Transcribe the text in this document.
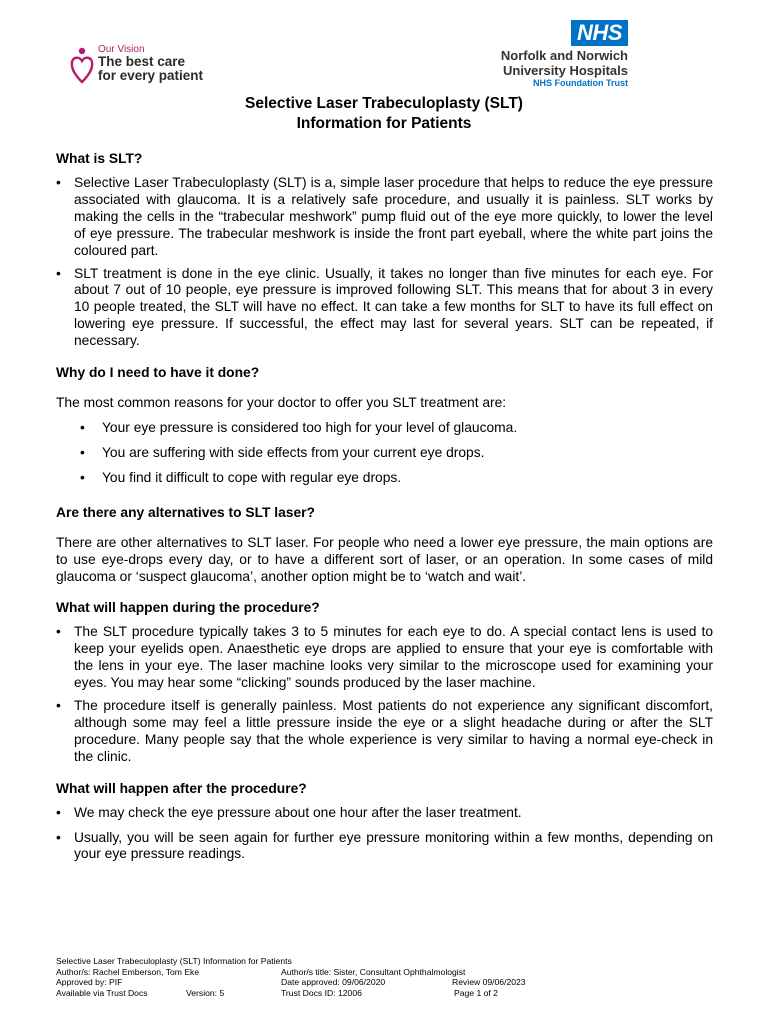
Our Vision
The best care
for every patient
NHS
Norfolk and Norwich
University Hospitals
NHS Foundation Trust
Selective Laser Trabeculoplasty (SLT)
Information for Patients
What is SLT?
• Selective Laser Trabeculoplasty (SLT) is a, simple laser procedure that helps to reduce the eye pressure associated with glaucoma. It is a relatively safe procedure, and usually it is painless. SLT works by making the cells in the “trabecular meshwork” pump fluid out of the eye more quickly, to lower the level of eye pressure. The trabecular meshwork is inside the front part eyeball, where the white part joins the coloured part.
• SLT treatment is done in the eye clinic. Usually, it takes no longer than five minutes for each eye. For about 7 out of 10 people, eye pressure is improved following SLT. This means that for about 3 in every 10 people treated, the SLT will have no effect. It can take a few months for SLT to have its full effect on lowering eye pressure. If successful, the effect may last for several years. SLT can be repeated, if necessary.
Why do I need to have it done?

The most common reasons for your doctor to offer you SLT treatment are:

• Your eye pressure is considered too high for your level of glaucoma.
• You are suffering with side effects from your current eye drops.
• You find it difficult to cope with regular eye drops.
Are there any alternatives to SLT laser?

There are other alternatives to SLT laser. For people who need a lower eye pressure, the main options are to use eye-drops every day, or to have a different sort of laser, or an operation. In some cases of mild glaucoma or ‘suspect glaucoma’, another option might be to ‘watch and wait’.

What will happen during the procedure?
• The SLT procedure typically takes 3 to 5 minutes for each eye to do. A special contact lens is used to keep your eyelids open. Anaesthetic eye drops are applied to ensure that your eye is comfortable with the lens in your eye. The laser machine looks very similar to the microscope used for examining your eyes. You may hear some “clicking” sounds produced by the laser machine.
• The procedure itself is generally painless. Most patients do not experience any significant discomfort, although some may feel a little pressure inside the eye or a slight headache during or after the SLT procedure. Many people say that the whole experience is very similar to having a normal eye-check in the clinic.
What will happen after the procedure?
• We may check the eye pressure about one hour after the laser treatment.
• Usually, you will be seen again for further eye pressure monitoring within a few months, depending on your eye pressure readings.
Selective Laser Trabeculoplasty (SLT) Information for Patients
Author/s: Rachel Emberson, Tom Eke	Author/s title: Sister, Consultant Ophthalmologist
Approved by: PIF	Date approved: 09/06/2020	Review 09/06/2023
Available via Trust Docs	Version: 5	Trust Docs ID: 12006	Page 1 of 2
